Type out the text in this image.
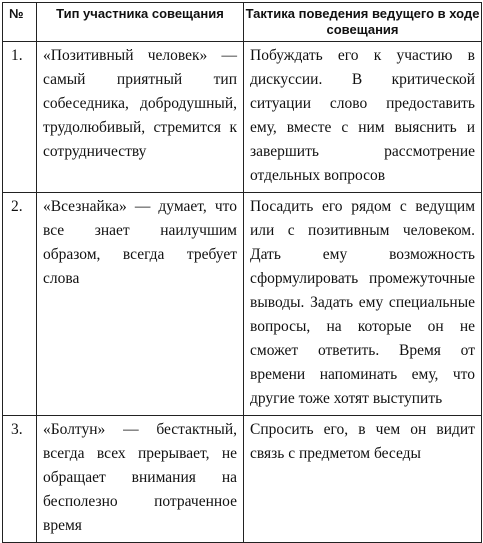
№	Тип участника совещания	Тактика поведения ведущего в ходе совещания

1.	«Позитивный человек» — самый приятный тип собеседника, добродушный, трудолюбивый, стремится к сотрудничеству	Побуждать его к участию в дискуссии. В критической ситуации слово предоставить ему, вместе с ним выяснить и завершить рассмотрение отдельных вопросов

2.	«Всезнайка» — думает, что все знает наилучшим образом, всегда требует слова	Посадить его рядом с ведущим или с позитивным человеком. Дать ему возможность сформулировать промежуточные выводы. Задать ему специальные вопросы, на которые он не сможет ответить. Время от времени напоминать ему, что другие тоже хотят выступить

3.	«Болтун» — бестактный, всегда всех прерывает, не обращает внимания на бесполезно потраченное время	Спросить его, в чем он видит связь с предметом беседы
